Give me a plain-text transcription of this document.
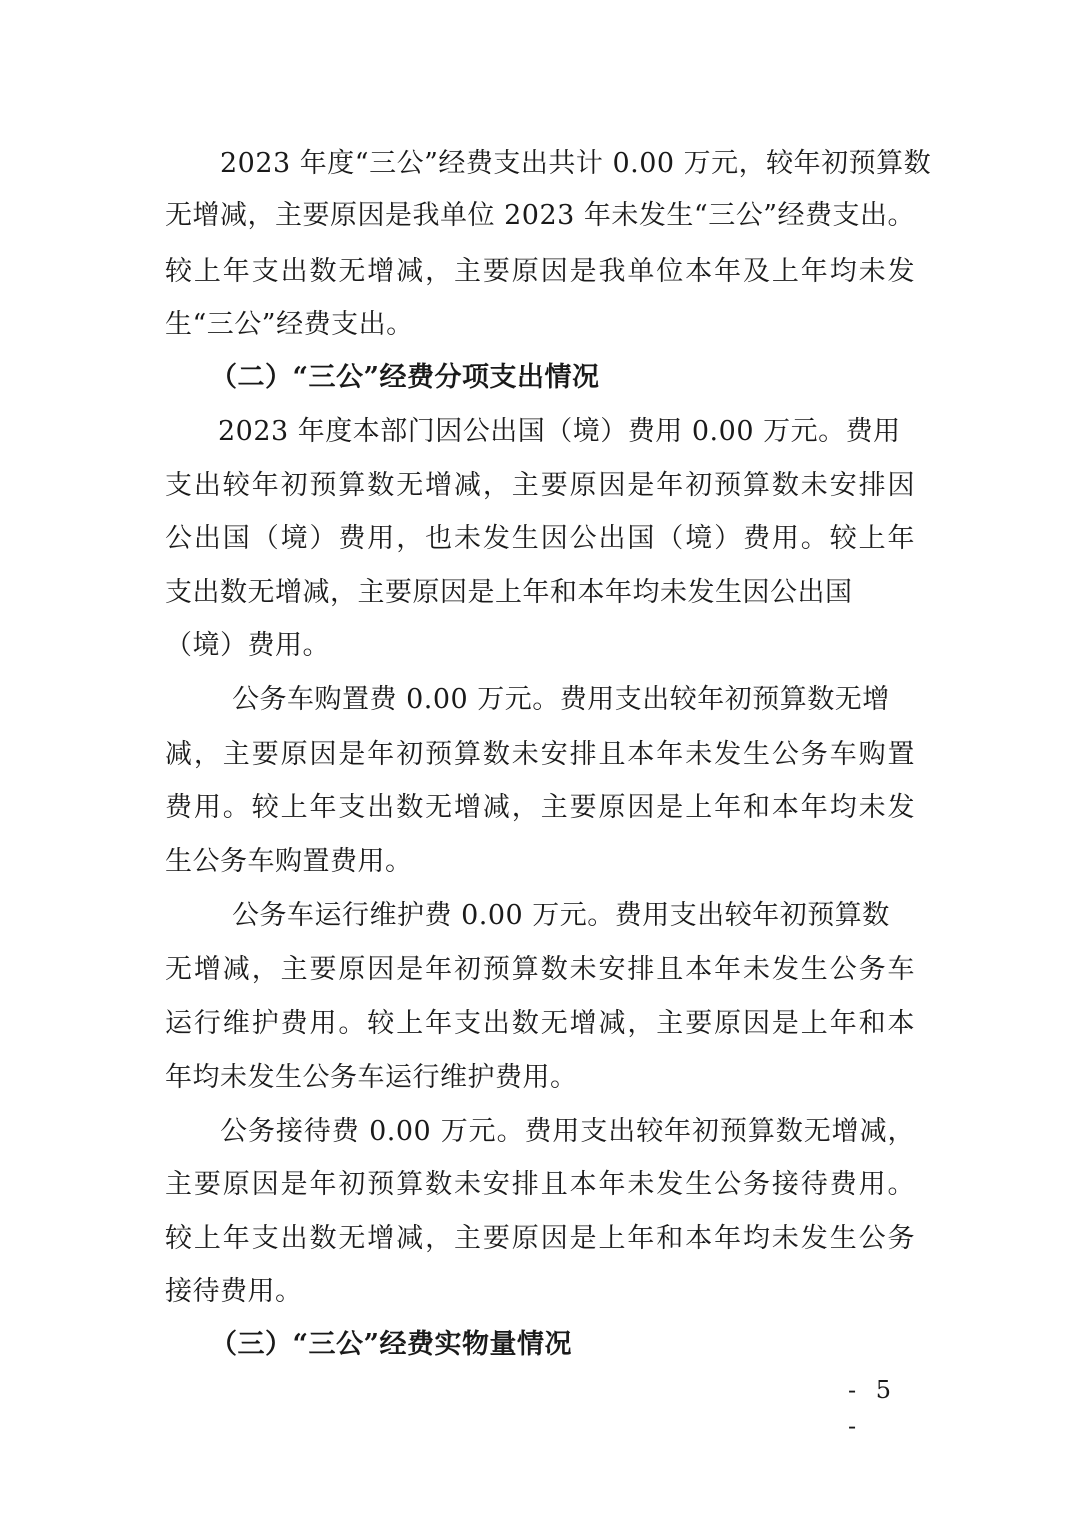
2023 年度“三公”经费支出共计 0.00 万元，较年初预算数
无增减，主要原因是我单位 2023 年未发生“三公”经费支出。
较上年支出数无增减，主要原因是我单位本年及上年均未发
生“三公”经费支出。
（二）“三公”经费分项支出情况
2023 年度本部门因公出国（境）费用 0.00 万元。费用
支出较年初预算数无增减，主要原因是年初预算数未安排因
公出国（境）费用，也未发生因公出国（境）费用。较上年
支出数无增减，主要原因是上年和本年均未发生因公出国
（境）费用。
公务车购置费 0.00 万元。费用支出较年初预算数无增
减，主要原因是年初预算数未安排且本年未发生公务车购置
费用。较上年支出数无增减，主要原因是上年和本年均未发
生公务车购置费用。
公务车运行维护费 0.00 万元。费用支出较年初预算数
无增减，主要原因是年初预算数未安排且本年未发生公务车
运行维护费用。较上年支出数无增减，主要原因是上年和本
年均未发生公务车运行维护费用。
公务接待费 0.00 万元。费用支出较年初预算数无增减，
主要原因是年初预算数未安排且本年未发生公务接待费用。
较上年支出数无增减，主要原因是上年和本年均未发生公务
接待费用。
（三）“三公”经费实物量情况
- 5 -
